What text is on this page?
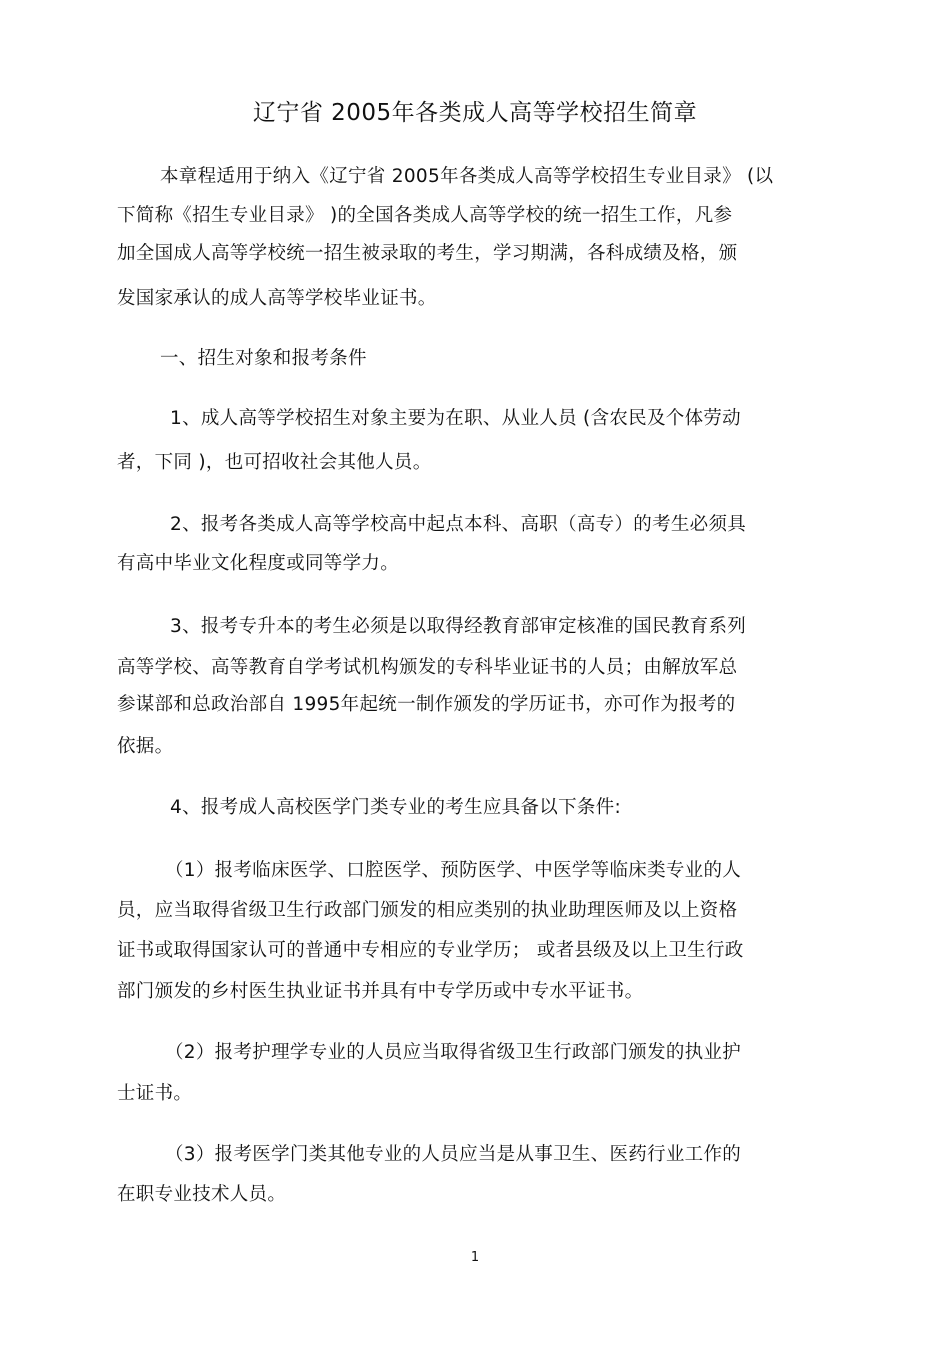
辽宁省 2005年各类成人高等学校招生简章
本章程适用于纳入《辽宁省 2005年各类成人高等学校招生专业目录》 (以
下简称《招生专业目录》 )的全国各类成人高等学校的统一招生工作，凡参
加全国成人高等学校统一招生被录取的考生，学习期满，各科成绩及格，颁
发国家承认的成人高等学校毕业证书。
一、招生对象和报考条件
1、成人高等学校招生对象主要为在职、从业人员 (含农民及个体劳动
者，下同 )，也可招收社会其他人员。
2、报考各类成人高等学校高中起点本科、高职（高专）的考生必须具
有高中毕业文化程度或同等学力。
3、报考专升本的考生必须是以取得经教育部审定核准的国民教育系列
高等学校、高等教育自学考试机构颁发的专科毕业证书的人员；由解放军总
参谋部和总政治部自 1995年起统一制作颁发的学历证书，亦可作为报考的
依据。
4、报考成人高校医学门类专业的考生应具备以下条件:
（1）报考临床医学、口腔医学、预防医学、中医学等临床类专业的人
员，应当取得省级卫生行政部门颁发的相应类别的执业助理医师及以上资格
证书或取得国家认可的普通中专相应的专业学历； 或者县级及以上卫生行政
部门颁发的乡村医生执业证书并具有中专学历或中专水平证书。
（2）报考护理学专业的人员应当取得省级卫生行政部门颁发的执业护
士证书。
（3）报考医学门类其他专业的人员应当是从事卫生、医药行业工作的
在职专业技术人员。
1
